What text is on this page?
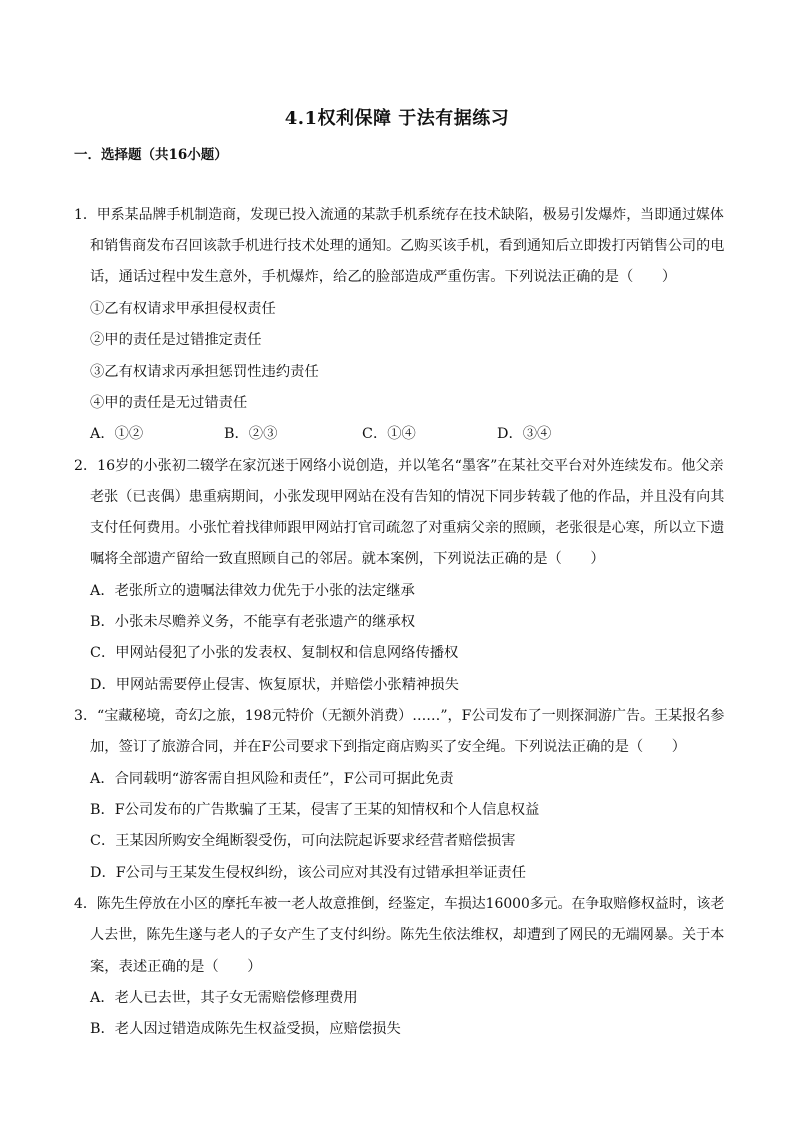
4.1权利保障 于法有据练习
一．选择题（共16小题）
1．甲系某品牌手机制造商，发现已投入流通的某款手机系统存在技术缺陷，极易引发爆炸，当即通过媒体
和销售商发布召回该款手机进行技术处理的通知。乙购买该手机，看到通知后立即拨打丙销售公司的电
话，通话过程中发生意外，手机爆炸，给乙的脸部造成严重伤害。下列说法正确的是（　　）
①乙有权请求甲承担侵权责任
②甲的责任是过错推定责任
③乙有权请求丙承担惩罚性违约责任
④甲的责任是无过错责任
A．①②	B．②③	C．①④	D．③④
2．16岁的小张初二辍学在家沉迷于网络小说创造，并以笔名“墨客”在某社交平台对外连续发布。他父亲
老张（已丧偶）患重病期间，小张发现甲网站在没有告知的情况下同步转载了他的作品，并且没有向其
支付任何费用。小张忙着找律师跟甲网站打官司疏忽了对重病父亲的照顾，老张很是心寒，所以立下遗
嘱将全部遗产留给一致直照顾自己的邻居。就本案例，下列说法正确的是（　　）
A．老张所立的遗嘱法律效力优先于小张的法定继承
B．小张未尽赡养义务，不能享有老张遗产的继承权
C．甲网站侵犯了小张的发表权、复制权和信息网络传播权
D．甲网站需要停止侵害、恢复原状，并赔偿小张精神损失
3．“宝藏秘境，奇幻之旅，198元特价（无额外消费）……”，F公司发布了一则探洞游广告。王某报名参
加，签订了旅游合同，并在F公司要求下到指定商店购买了安全绳。下列说法正确的是（　　）
A．合同载明“游客需自担风险和责任”，F公司可据此免责
B．F公司发布的广告欺骗了王某，侵害了王某的知情权和个人信息权益
C．王某因所购安全绳断裂受伤，可向法院起诉要求经营者赔偿损害
D．F公司与王某发生侵权纠纷，该公司应对其没有过错承担举证责任
4．陈先生停放在小区的摩托车被一老人故意推倒，经鉴定，车损达16000多元。在争取赔修权益时，该老
人去世，陈先生遂与老人的子女产生了支付纠纷。陈先生依法维权，却遭到了网民的无端网暴。关于本
案，表述正确的是（　　）
A．老人已去世，其子女无需赔偿修理费用
B．老人因过错造成陈先生权益受损，应赔偿损失
